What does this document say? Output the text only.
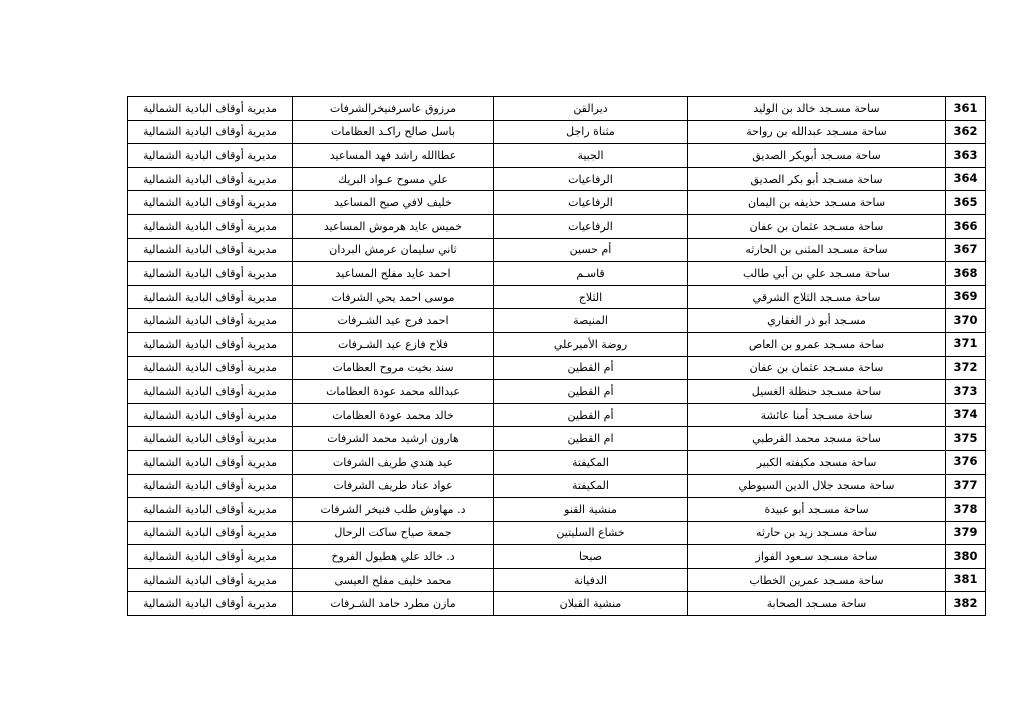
مديرية أوقاف البادية الشمالية	مرزوق عاسرفنيخرالشرفات	ديرالقن	ساحة مسـجد خالد بن الوليد	361
مديرية أوقاف البادية الشمالية	باسل صالح راكـد العظامات	مثناة راجل	ساحة مسـجد عبدالله بن رواحة	362
مديرية أوقاف البادية الشمالية	عطاالله راشد فهد المساعيد	الجبية	ساحة مسـجد أبوبكر الصديق	363
مديرية أوقاف البادية الشمالية	علي مسوح عـواد البريك	الرفاعيات	ساحة مسـجد أبو بكر الصديق	364
مديرية أوقاف البادية الشمالية	خليف لافي صبح المساعيد	الرفاعيات	ساحة مسـجد حذيفه بن اليمان	365
مديرية أوقاف البادية الشمالية	خميس عايد هرموش المساعيد	الرفاعيات	ساحة مسـجد عثمان بن عفان	366
مديرية أوقاف البادية الشمالية	ثاني سليمان عرمش البردان	أم حسين	ساحة مسـجد المثنى بن الحارثه	367
مديرية أوقاف البادية الشمالية	احمد عايد مفلح المساعيد	قاسـم	ساحة مسـجد علي بن أبي طالب	368
مديرية أوقاف البادية الشمالية	موسى احمد يحي الشرفات	الثلاج	ساحة مسـجد الثلاج الشرقي	369
مديرية أوقاف البادية الشمالية	احمد فرج عيد الشـرفات	المنيصة	مسـجد أبو ذر الغفاري	370
مديرية أوقاف البادية الشمالية	فلاح فازع عيد الشـرفات	روضة الأميرعلي	ساحة مسـجد عمرو بن العاص	371
مديرية أوقاف البادية الشمالية	سند بخيت مروح العظامات	أم القطين	ساحة مسـجد عثمان بن عفان	372
مديرية أوقاف البادية الشمالية	عبدالله محمد عودة العظامات	أم القطين	ساحة مسـجد حنظلة الغسيل	373
مديرية أوقاف البادية الشمالية	خالد محمد عودة العظامات	أم القطين	ساحة مسـجد أمنا عائشة	374
مديرية أوقاف البادية الشمالية	هارون ارشيد محمد الشرفات	ام القطين	ساحة مسجد محمد القرطبي	375
مديرية أوقاف البادية الشمالية	عيد هندي طريف الشرفات	المكيفتة	ساحة مسجد مكيفته الكبير	376
مديرية أوقاف البادية الشمالية	عواد عناد طريف الشرفات	المكيفتة	ساحة مسجد جلال الدين السيوطي	377
مديرية أوقاف البادية الشمالية	د. مهاوش طلب فنيخر الشرفات	منشية القنو	ساحة مسـجد أبو عبيدة	378
مديرية أوقاف البادية الشمالية	جمعة صياح ساكت الرحال	خشاع السليتين	ساحة مسـجد زيد بن حارثه	379
مديرية أوقاف البادية الشمالية	د. خالد علي هطيول الفروخ	صبحا	ساحة مسـجد سـعود الفواز	380
مديرية أوقاف البادية الشمالية	محمد خليف مفلح العيسى	الدفيانة	ساحة مسـجد عمرين الخطاب	381
مديرية أوقاف البادية الشمالية	مازن مطرد حامد الشـرفات	منشية القبلان	ساحة مسـجد الصحابة	382
